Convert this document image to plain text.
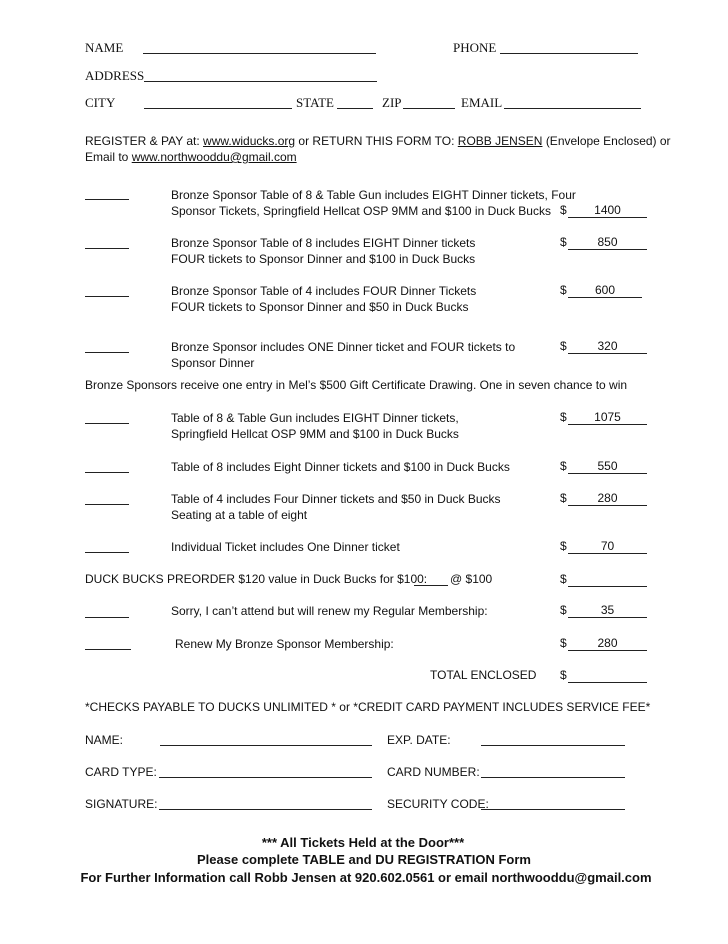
NAME	PHONE
ADDRESS
CITY	STATE	ZIP	EMAIL
REGISTER & PAY at: www.widucks.org or RETURN THIS FORM TO: ROBB JENSEN (Envelope Enclosed) or
Email to www.northwooddu@gmail.com
Bronze Sponsor Table of 8 & Table Gun includes EIGHT Dinner tickets, Four
Sponsor Tickets, Springfield Hellcat OSP 9MM and $100 in Duck Bucks $	1400
Bronze Sponsor Table of 8 includes EIGHT Dinner tickets
FOUR tickets to Sponsor Dinner and $100 in Duck Bucks
$	850
Bronze Sponsor Table of 4 includes FOUR Dinner Tickets
FOUR tickets to Sponsor Dinner and $50 in Duck Bucks
$	600
Bronze Sponsor includes ONE Dinner ticket and FOUR tickets to
Sponsor Dinner
$	320
Bronze Sponsors receive one entry in Mel’s $500 Gift Certificate Drawing. One in seven chance to win
Table of 8 & Table Gun includes EIGHT Dinner tickets,
Springfield Hellcat OSP 9MM and $100 in Duck Bucks
$	1075
Table of 8 includes Eight Dinner tickets and $100 in Duck Bucks	$	550
Table of 4 includes Four Dinner tickets and $50 in Duck Bucks
Seating at a table of eight
$	280
Individual Ticket includes One Dinner ticket	$	70
DUCK BUCKS PREORDER $120 value in Duck Bucks for $100: @ $100	$
Sorry, I can’t attend but will renew my Regular Membership:	$	35
Renew My Bronze Sponsor Membership:	$	280
TOTAL ENCLOSED $
*CHECKS PAYABLE TO DUCKS UNLIMITED * or *CREDIT CARD PAYMENT INCLUDES SERVICE FEE*
NAME:	EXP. DATE:
CARD TYPE:	CARD NUMBER:
SIGNATURE:	SECURITY CODE:
*** All Tickets Held at the Door***
Please complete TABLE and DU REGISTRATION Form
For Further Information call Robb Jensen at 920.602.0561 or email northwooddu@gmail.com
